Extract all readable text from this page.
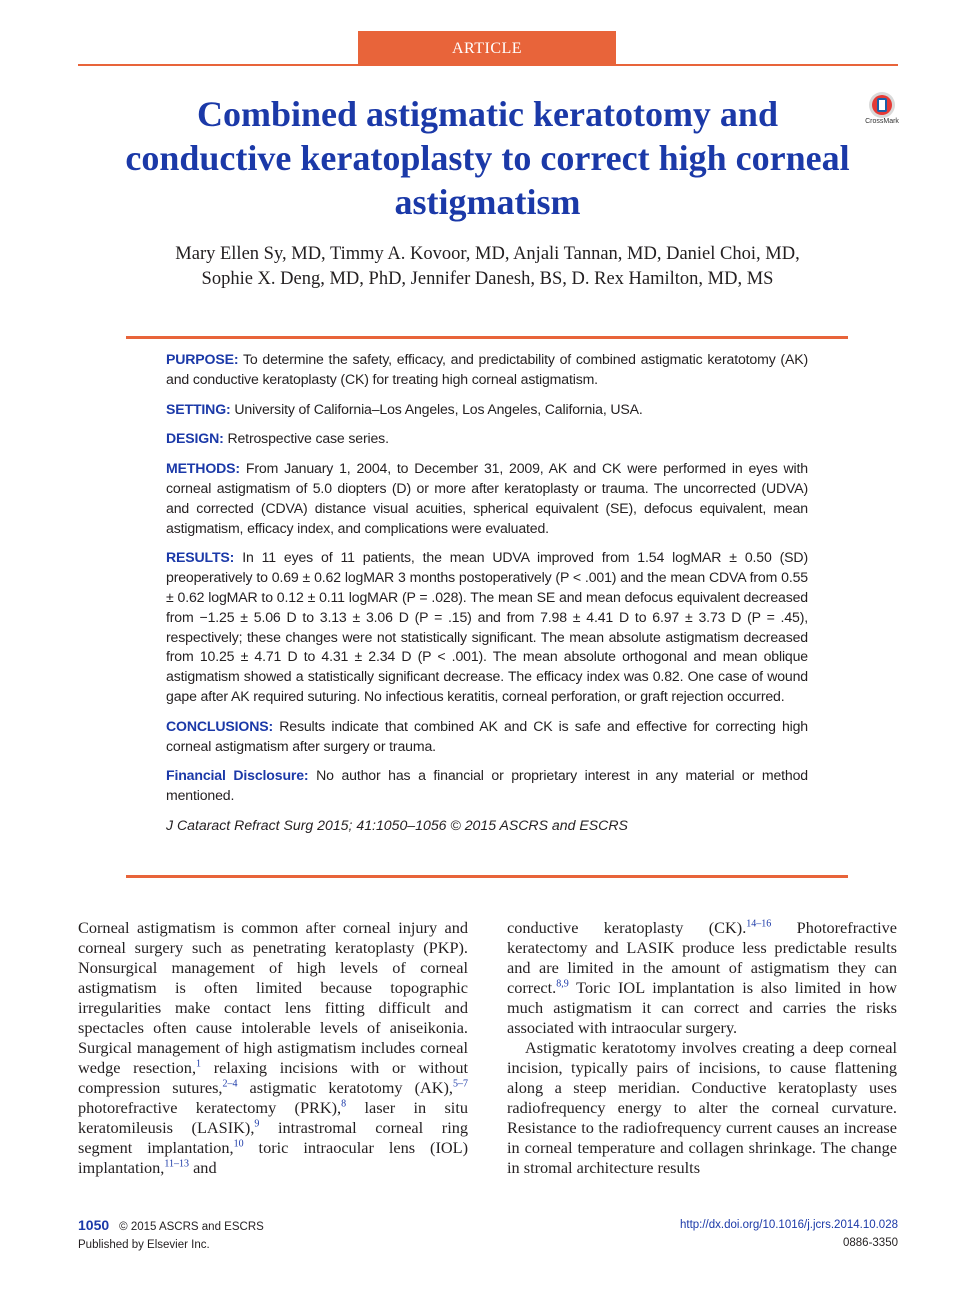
ARTICLE
CrossMark
Combined astigmatic keratotomy and conductive keratoplasty to correct high corneal astigmatism
Mary Ellen Sy, MD, Timmy A. Kovoor, MD, Anjali Tannan, MD, Daniel Choi, MD,
Sophie X. Deng, MD, PhD, Jennifer Danesh, BS, D. Rex Hamilton, MD, MS

PURPOSE: To determine the safety, efficacy, and predictability of combined astigmatic keratotomy (AK) and conductive keratoplasty (CK) for treating high corneal astigmatism.

SETTING: University of California–Los Angeles, Los Angeles, California, USA.

DESIGN: Retrospective case series.

METHODS: From January 1, 2004, to December 31, 2009, AK and CK were performed in eyes with corneal astigmatism of 5.0 diopters (D) or more after keratoplasty or trauma. The uncorrected (UDVA) and corrected (CDVA) distance visual acuities, spherical equivalent (SE), defocus equivalent, mean astigmatism, efficacy index, and complications were evaluated.

RESULTS: In 11 eyes of 11 patients, the mean UDVA improved from 1.54 logMAR ± 0.50 (SD) preoperatively to 0.69 ± 0.62 logMAR 3 months postoperatively (P < .001) and the mean CDVA from 0.55 ± 0.62 logMAR to 0.12 ± 0.11 logMAR (P = .028). The mean SE and mean defocus equivalent decreased from −1.25 ± 5.06 D to 3.13 ± 3.06 D (P = .15) and from 7.98 ± 4.41 D to 6.97 ± 3.73 D (P = .45), respectively; these changes were not statistically significant. The mean absolute astigmatism decreased from 10.25 ± 4.71 D to 4.31 ± 2.34 D (P < .001). The mean absolute orthogonal and mean oblique astigmatism showed a statistically significant decrease. The efficacy index was 0.82. One case of wound gape after AK required suturing. No infectious keratitis, corneal perforation, or graft rejection occurred.

CONCLUSIONS: Results indicate that combined AK and CK is safe and effective for correcting high corneal astigmatism after surgery or trauma.

Financial Disclosure: No author has a financial or proprietary interest in any material or method mentioned.

J Cataract Refract Surg 2015; 41:1050–1056 © 2015 ASCRS and ESCRS

Corneal astigmatism is common after corneal injury and corneal surgery such as penetrating keratoplasty (PKP). Nonsurgical management of high levels of corneal astigmatism is often limited because topographic irregularities make contact lens fitting difficult and spectacles often cause intolerable levels of aniseikonia. Surgical management of high astigmatism includes corneal wedge resection,$^1$ relaxing incisions with or without compression sutures,$^{2-4}$ astigmatic keratotomy (AK),$^{5-7}$ photorefractive keratectomy (PRK),$^8$ laser in situ keratomileusis (LASIK),$^9$ intrastromal corneal ring segment implantation,$^{10}$ toric intraocular lens (IOL) implantation,$^{11-13}$ and

conductive keratoplasty (CK).$^{14-16}$ Photorefractive keratectomy and LASIK produce less predictable results and are limited in the amount of astigmatism they can correct.$^{8,9}$ Toric IOL implantation is also limited in how much astigmatism it can correct and carries the risks associated with intraocular surgery.

Astigmatic keratotomy involves creating a deep corneal incision, typically pairs of incisions, to cause flattening along a steep meridian. Conductive keratoplasty uses radiofrequency energy to alter the corneal curvature. Resistance to the radiofrequency current causes an increase in corneal temperature and collagen shrinkage. The change in stromal architecture results

1050 © 2015 ASCRS and ESCRS
Published by Elsevier Inc.
http://dx.doi.org/10.1016/j.jcrs.2014.10.028
0886-3350
